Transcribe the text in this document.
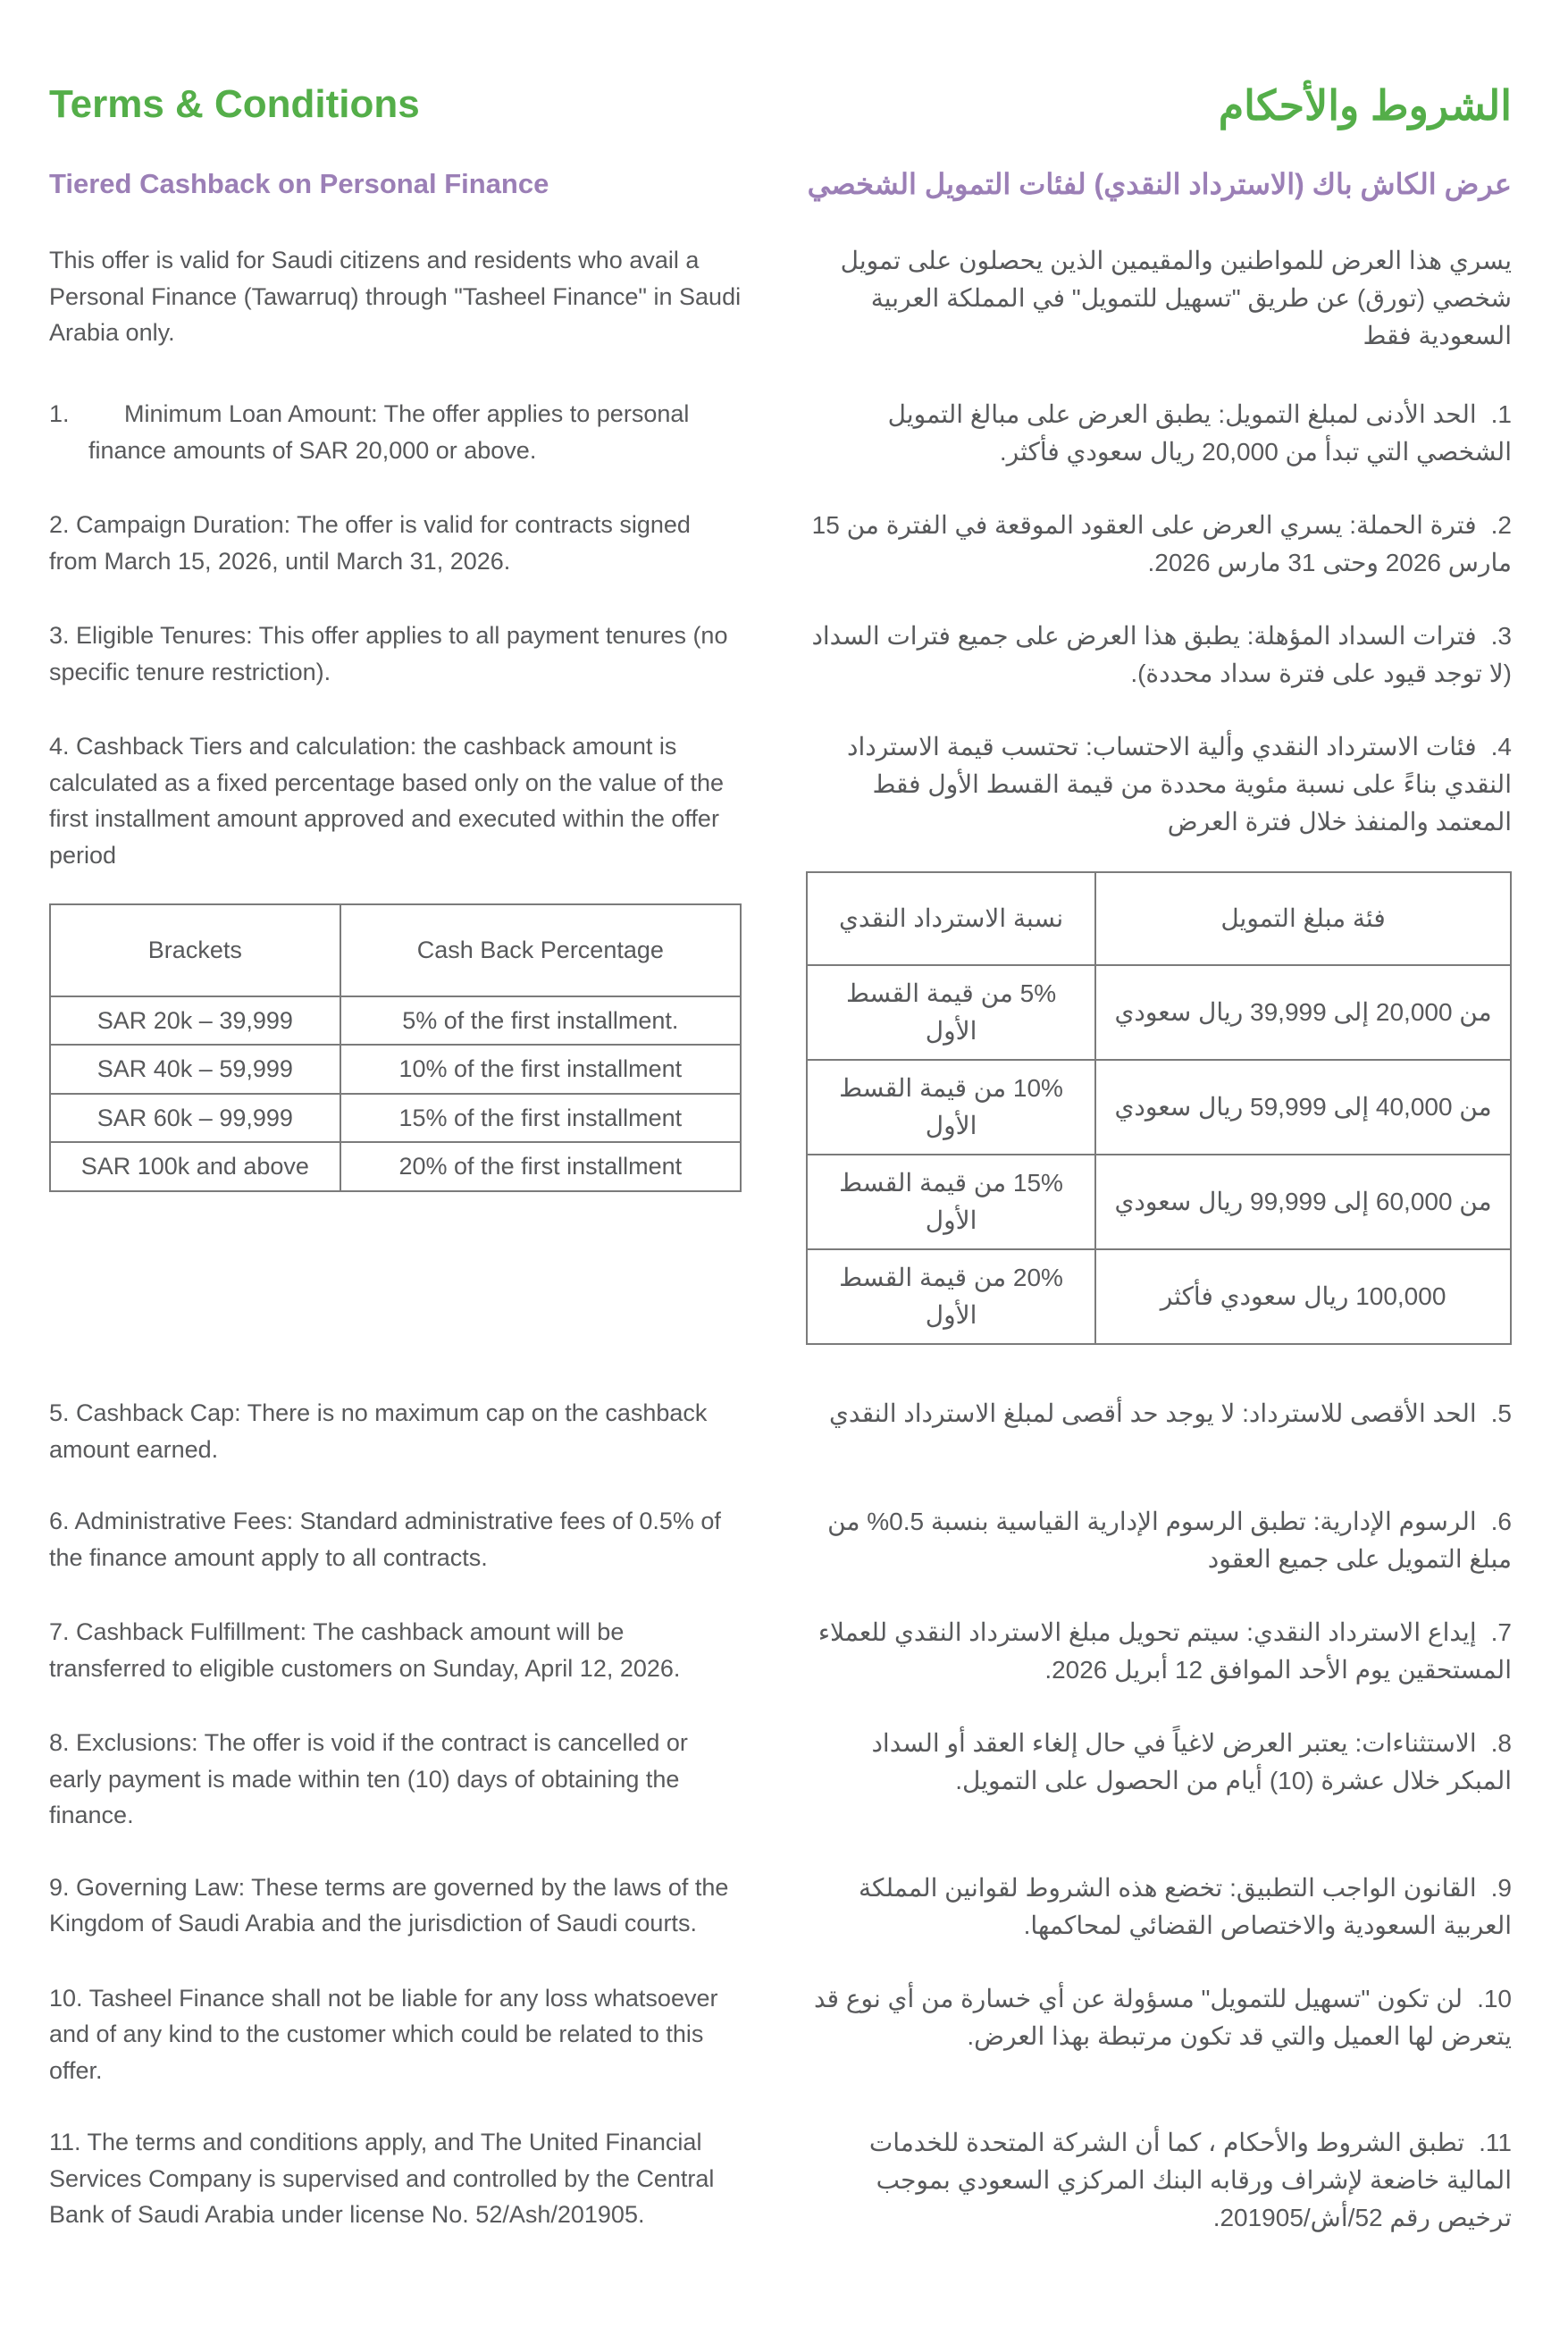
Terms & Conditions	الشروط والأحكام

Tiered Cashback on Personal Finance	عرض الكاش باك (الاسترداد النقدي) لفئات التمويل الشخصي

This offer is valid for Saudi citizens and residents who avail a Personal Finance (Tawarruq) through "Tasheel Finance" in Saudi Arabia only.

يسري هذا العرض للمواطنين والمقيمين الذين يحصلون على تمويل شخصي (تورق) عن طريق "تسهيل للتمويل" في المملكة العربية السعودية فقط

1.	Minimum Loan Amount: The offer applies to personal finance amounts of SAR 20,000 or above.

1.الحد الأدنى لمبلغ التمويل: يطبق العرض على مبالغ التمويل الشخصي التي تبدأ من 20,000 ريال سعودي فأكثر.

2. Campaign Duration: The offer is valid for contracts signed from March 15, 2026, until March 31, 2026.

2.فترة الحملة: يسري العرض على العقود الموقعة في الفترة من 15 مارس 2026 وحتى 31 مارس 2026.

3. Eligible Tenures: This offer applies to all payment tenures (no specific tenure restriction).

3.فترات السداد المؤهلة: يطبق هذا العرض على جميع فترات السداد (لا توجد قيود على فترة سداد محددة).

4. Cashback Tiers and calculation: the cashback amount is calculated as a fixed percentage based only on the value of the first installment amount approved and executed within the offer period

Brackets	Cash Back Percentage
SAR 20k – 39,999	5% of the first installment.
SAR 40k – 59,999	10% of the first installment
SAR 60k – 99,999	15% of the first installment
SAR 100k and above	20% of the first installment

4.فئات الاسترداد النقدي وألية الاحتساب: تحتسب قيمة الاسترداد النقدي بناءً على نسبة مئوية محددة من قيمة القسط الأول فقط المعتمد والمنفذ خلال فترة العرض

فئة مبلغ التمويل	نسبة الاسترداد النقدي
من 20,000 إلى 39,999 ريال سعودي	5% من قيمة القسط الأول
من 40,000 إلى 59,999 ريال سعودي	10% من قيمة القسط الأول
من 60,000 إلى 99,999 ريال سعودي	15% من قيمة القسط الأول
100,000 ريال سعودي فأكثر	20% من قيمة القسط الأول

5. Cashback Cap: There is no maximum cap on the cashback amount earned.

5.الحد الأقصى للاسترداد: لا يوجد حد أقصى لمبلغ الاسترداد النقدي

6. Administrative Fees: Standard administrative fees of 0.5% of the finance amount apply to all contracts.

6.الرسوم الإدارية: تطبق الرسوم الإدارية القياسية بنسبة 0.5% من مبلغ التمويل على جميع العقود

7. Cashback Fulfillment: The cashback amount will be transferred to eligible customers on Sunday, April 12, 2026.

7.إيداع الاسترداد النقدي: سيتم تحويل مبلغ الاسترداد النقدي للعملاء المستحقين يوم الأحد الموافق 12 أبريل 2026.

8. Exclusions: The offer is void if the contract is cancelled or early payment is made within ten (10) days of obtaining the finance.

8.الاستثناءات: يعتبر العرض لاغياً في حال إلغاء العقد أو السداد المبكر خلال عشرة (10) أيام من الحصول على التمويل.

9. Governing Law: These terms are governed by the laws of the Kingdom of Saudi Arabia and the jurisdiction of Saudi courts.

9.القانون الواجب التطبيق: تخضع هذه الشروط لقوانين المملكة العربية السعودية والاختصاص القضائي لمحاكمها.

10. Tasheel Finance shall not be liable for any loss whatsoever and of any kind to the customer which could be related to this offer.

10.لن تكون "تسهيل للتمويل" مسؤولة عن أي خسارة من أي نوع قد يتعرض لها العميل والتي قد تكون مرتبطة بهذا العرض.

11. The terms and conditions apply, and The United Financial Services Company is supervised and controlled by the Central Bank of Saudi Arabia under license No. 52/Ash/201905.

11.تطبق الشروط والأحكام ، كما أن الشركة المتحدة للخدمات المالية خاضعة لإشراف ورقابه البنك المركزي السعودي بموجب ترخيص رقم 52/أش/201905.
